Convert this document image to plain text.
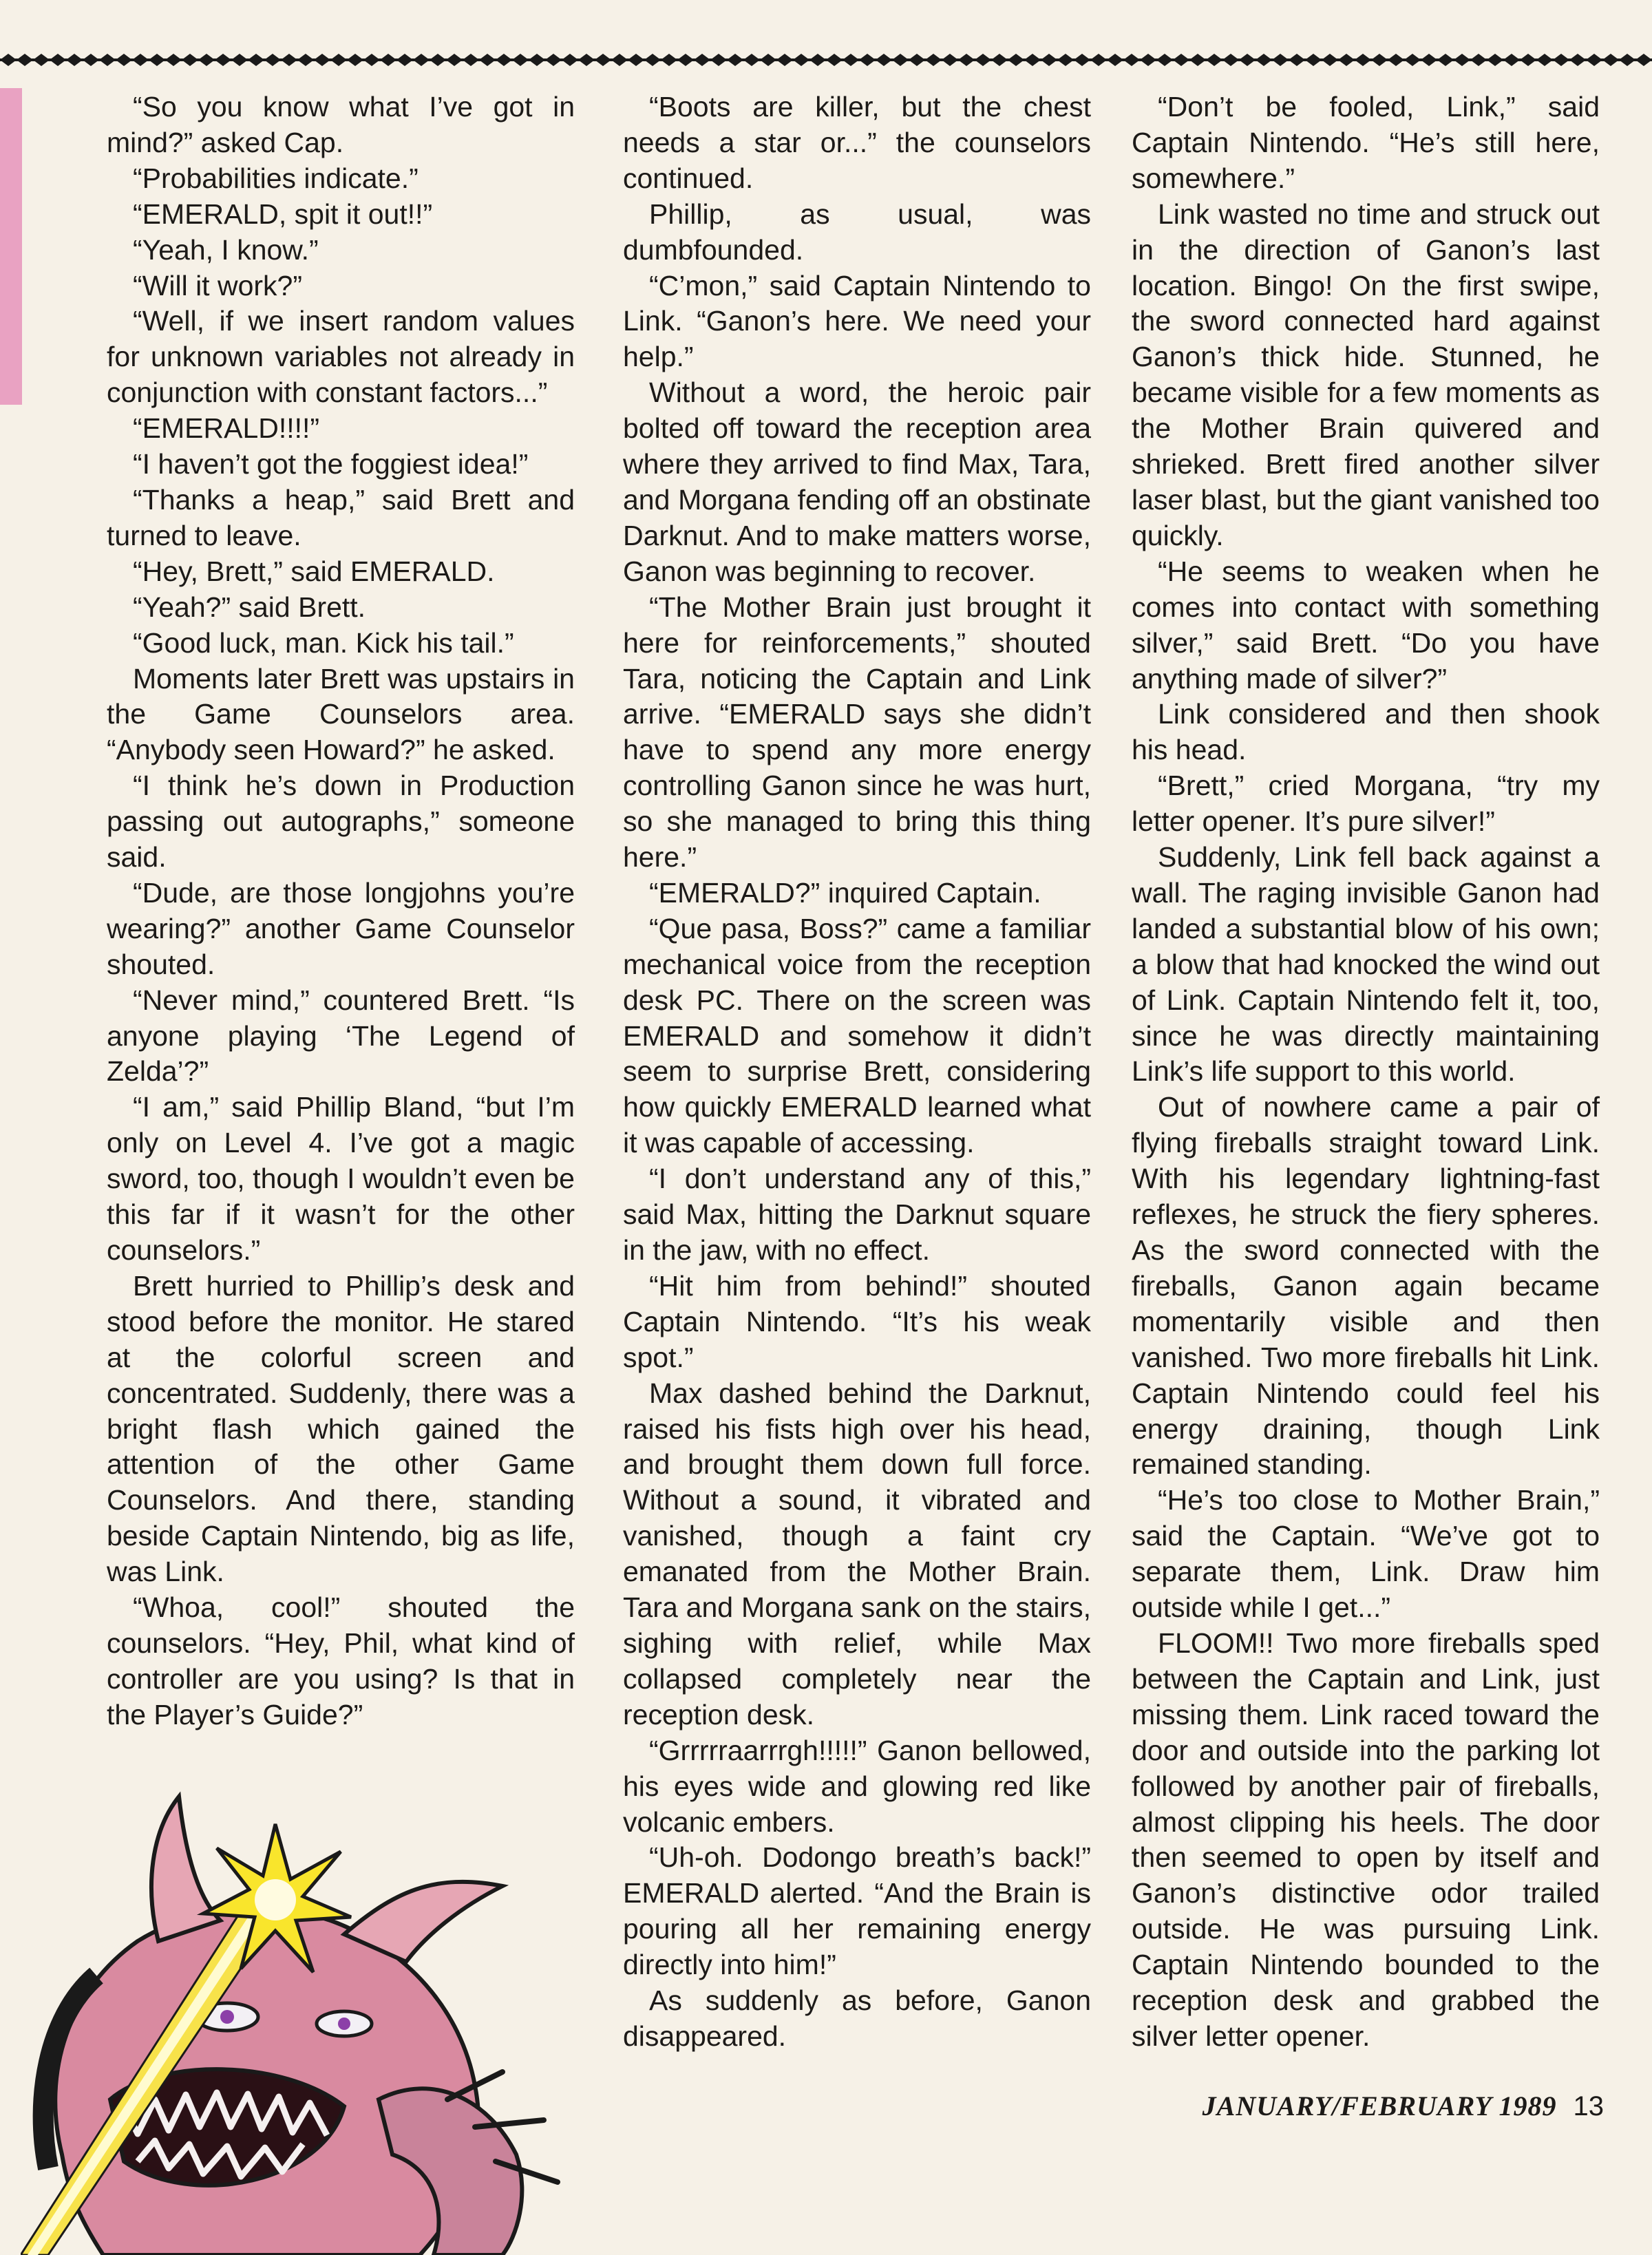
“So you know what I’ve got in mind?” asked Cap.

“Probabilities indicate.”

“EMERALD, spit it out!!”

“Yeah, I know.”

“Will it work?”

“Well, if we insert random values for unknown variables not already in conjunction with constant factors...”

“EMERALD!!!!”

“I haven’t got the foggiest idea!”

“Thanks a heap,” said Brett and turned to leave.

“Hey, Brett,” said EMERALD.

“Yeah?” said Brett.

“Good luck, man. Kick his tail.”

Moments later Brett was upstairs in the Game Counselors area. “Anybody seen Howard?” he asked.

“I think he’s down in Production passing out autographs,” someone said.

“Dude, are those longjohns you’re wearing?” another Game Counselor shouted.

“Never mind,” countered Brett. “Is anyone playing ‘The Legend of Zelda’?”

“I am,” said Phillip Bland, “but I’m only on Level 4. I’ve got a magic sword, too, though I wouldn’t even be this far if it wasn’t for the other counselors.”

Brett hurried to Phillip’s desk and stood before the monitor. He stared at the colorful screen and concentrated. Suddenly, there was a bright flash which gained the attention of the other Game Counselors. And there, standing beside Captain Nintendo, big as life, was Link.

“Whoa, cool!” shouted the counselors. “Hey, Phil, what kind of controller are you using? Is that in the Player’s Guide?”

“Boots are killer, but the chest needs a star or...” the counselors continued.

Phillip, as usual, was dumbfounded.

“C’mon,” said Captain Nintendo to Link. “Ganon’s here. We need your help.”

Without a word, the heroic pair bolted off toward the reception area where they arrived to find Max, Tara, and Morgana fending off an obstinate Darknut. And to make matters worse, Ganon was beginning to recover.

“The Mother Brain just brought it here for reinforcements,” shouted Tara, noticing the Captain and Link arrive. “EMERALD says she didn’t have to spend any more energy controlling Ganon since he was hurt, so she managed to bring this thing here.”

“EMERALD?” inquired Captain.

“Que pasa, Boss?” came a familiar mechanical voice from the reception desk PC. There on the screen was EMERALD and somehow it didn’t seem to surprise Brett, considering how quickly EMERALD learned what it was capable of accessing.

“I don’t understand any of this,” said Max, hitting the Darknut square in the jaw, with no effect.

“Hit him from behind!” shouted Captain Nintendo. “It’s his weak spot.”

Max dashed behind the Darknut, raised his fists high over his head, and brought them down full force. Without a sound, it vibrated and vanished, though a faint cry emanated from the Mother Brain. Tara and Morgana sank on the stairs, sighing with relief, while Max collapsed completely near the reception desk.

“Grrrrraarrrgh!!!!!” Ganon bellowed, his eyes wide and glowing red like volcanic embers.

“Uh-oh. Dodongo breath’s back!” EMERALD alerted. “And the Brain is pouring all her remaining energy directly into him!”

As suddenly as before, Ganon disappeared.

“Don’t be fooled, Link,” said Captain Nintendo. “He’s still here, somewhere.”

Link wasted no time and struck out in the direction of Ganon’s last location. Bingo! On the first swipe, the sword connected hard against Ganon’s thick hide. Stunned, he became visible for a few moments as the Mother Brain quivered and shrieked. Brett fired another silver laser blast, but the giant vanished too quickly.

“He seems to weaken when he comes into contact with something silver,” said Brett. “Do you have anything made of silver?”

Link considered and then shook his head.

“Brett,” cried Morgana, “try my letter opener. It’s pure silver!”

Suddenly, Link fell back against a wall. The raging invisible Ganon had landed a substantial blow of his own; a blow that had knocked the wind out of Link. Captain Nintendo felt it, too, since he was directly maintaining Link’s life support to this world.

Out of nowhere came a pair of flying fireballs straight toward Link. With his legendary lightning-fast reflexes, he struck the fiery spheres. As the sword connected with the fireballs, Ganon again became momentarily visible and then vanished. Two more fireballs hit Link. Captain Nintendo could feel his energy draining, though Link remained standing.

“He’s too close to Mother Brain,” said the Captain. “We’ve got to separate them, Link. Draw him outside while I get...”

FLOOM!! Two more fireballs sped between the Captain and Link, just missing them. Link raced toward the door and outside into the parking lot followed by another pair of fireballs, almost clipping his heels. The door then seemed to open by itself and Ganon’s distinctive odor trailed outside. He was pursuing Link. Captain Nintendo bounded to the reception desk and grabbed the silver letter opener.

JANUARY/FEBRUARY 1989 13
